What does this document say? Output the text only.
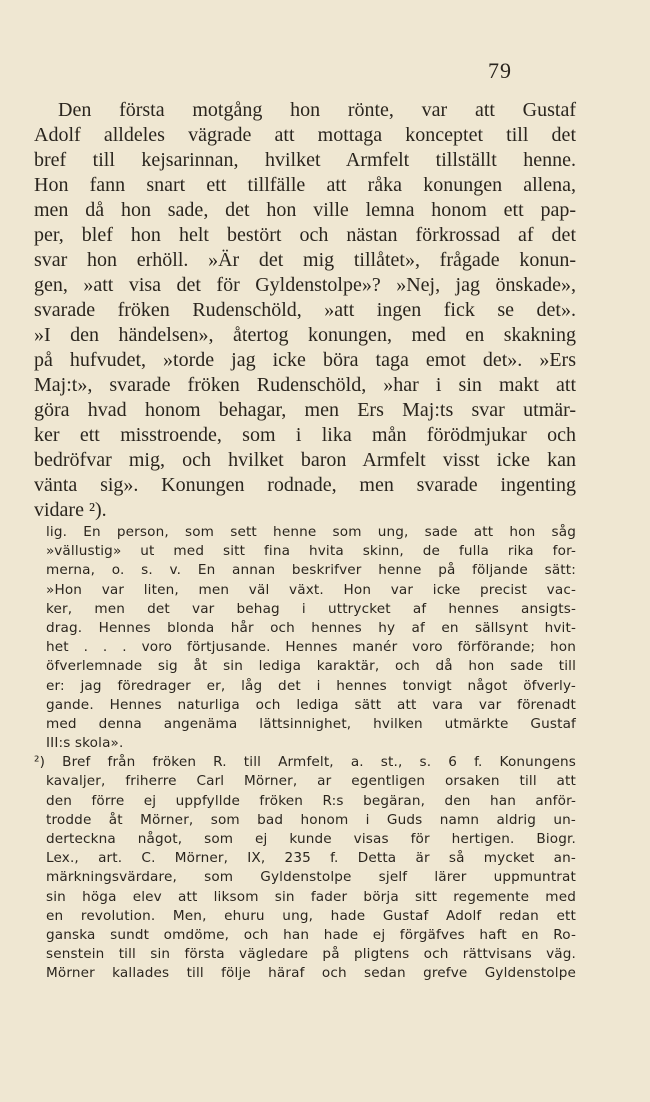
79
Den första motgång hon rönte, var att Gustaf
Adolf alldeles vägrade att mottaga konceptet till det
bref till kejsarinnan, hvilket Armfelt tillställt henne.
Hon fann snart ett tillfälle att råka konungen allena,
men då hon sade, det hon ville lemna honom ett pap-
per, blef hon helt bestört och nästan förkrossad af det
svar hon erhöll. »Är det mig tillåtet», frågade konun-
gen, »att visa det för Gyldenstolpe»? »Nej, jag önskade»,
svarade fröken Rudenschöld, »att ingen fick se det».
»I den händelsen», återtog konungen, med en skakning
på hufvudet, »torde jag icke böra taga emot det». »Ers
Maj:t», svarade fröken Rudenschöld, »har i sin makt att
göra hvad honom behagar, men Ers Maj:ts svar utmär-
ker ett misstroende, som i lika mån förödmjukar och
bedröfvar mig, och hvilket baron Armfelt visst icke kan
vänta sig». Konungen rodnade, men svarade ingenting
vidare ²).
lig. En person, som sett henne som ung, sade att hon såg
»vällustig» ut med sitt fina hvita skinn, de fulla rika for-
merna, o. s. v. En annan beskrifver henne på följande sätt:
»Hon var liten, men väl växt. Hon var icke precist vac-
ker, men det var behag i uttrycket af hennes ansigts-
drag. Hennes blonda hår och hennes hy af en sällsynt hvit-
het . . . voro förtjusande. Hennes manér voro förförande; hon
öfverlemnade sig åt sin lediga karaktär, och då hon sade till
er: jag föredrager er, låg det i hennes tonvigt något öfverly-
gande. Hennes naturliga och lediga sätt att vara var förenadt
med denna angenäma lättsinnighet, hvilken utmärkte Gustaf
III:s skola».
²) Bref från fröken R. till Armfelt, a. st., s. 6 f. Konungens
kavaljer, friherre Carl Mörner, ar egentligen orsaken till att
den förre ej uppfyllde fröken R:s begäran, den han anför-
trodde åt Mörner, som bad honom i Guds namn aldrig un-
derteckna något, som ej kunde visas för hertigen. Biogr.
Lex., art. C. Mörner, IX, 235 f. Detta är så mycket an-
märkningsvärdare, som Gyldenstolpe sjelf lärer uppmuntrat
sin höga elev att liksom sin fader börja sitt regemente med
en revolution. Men, ehuru ung, hade Gustaf Adolf redan ett
ganska sundt omdöme, och han hade ej förgäfves haft en Ro-
senstein till sin första vägledare på pligtens och rättvisans väg.
Mörner kallades till följe häraf och sedan grefve Gyldenstolpe
